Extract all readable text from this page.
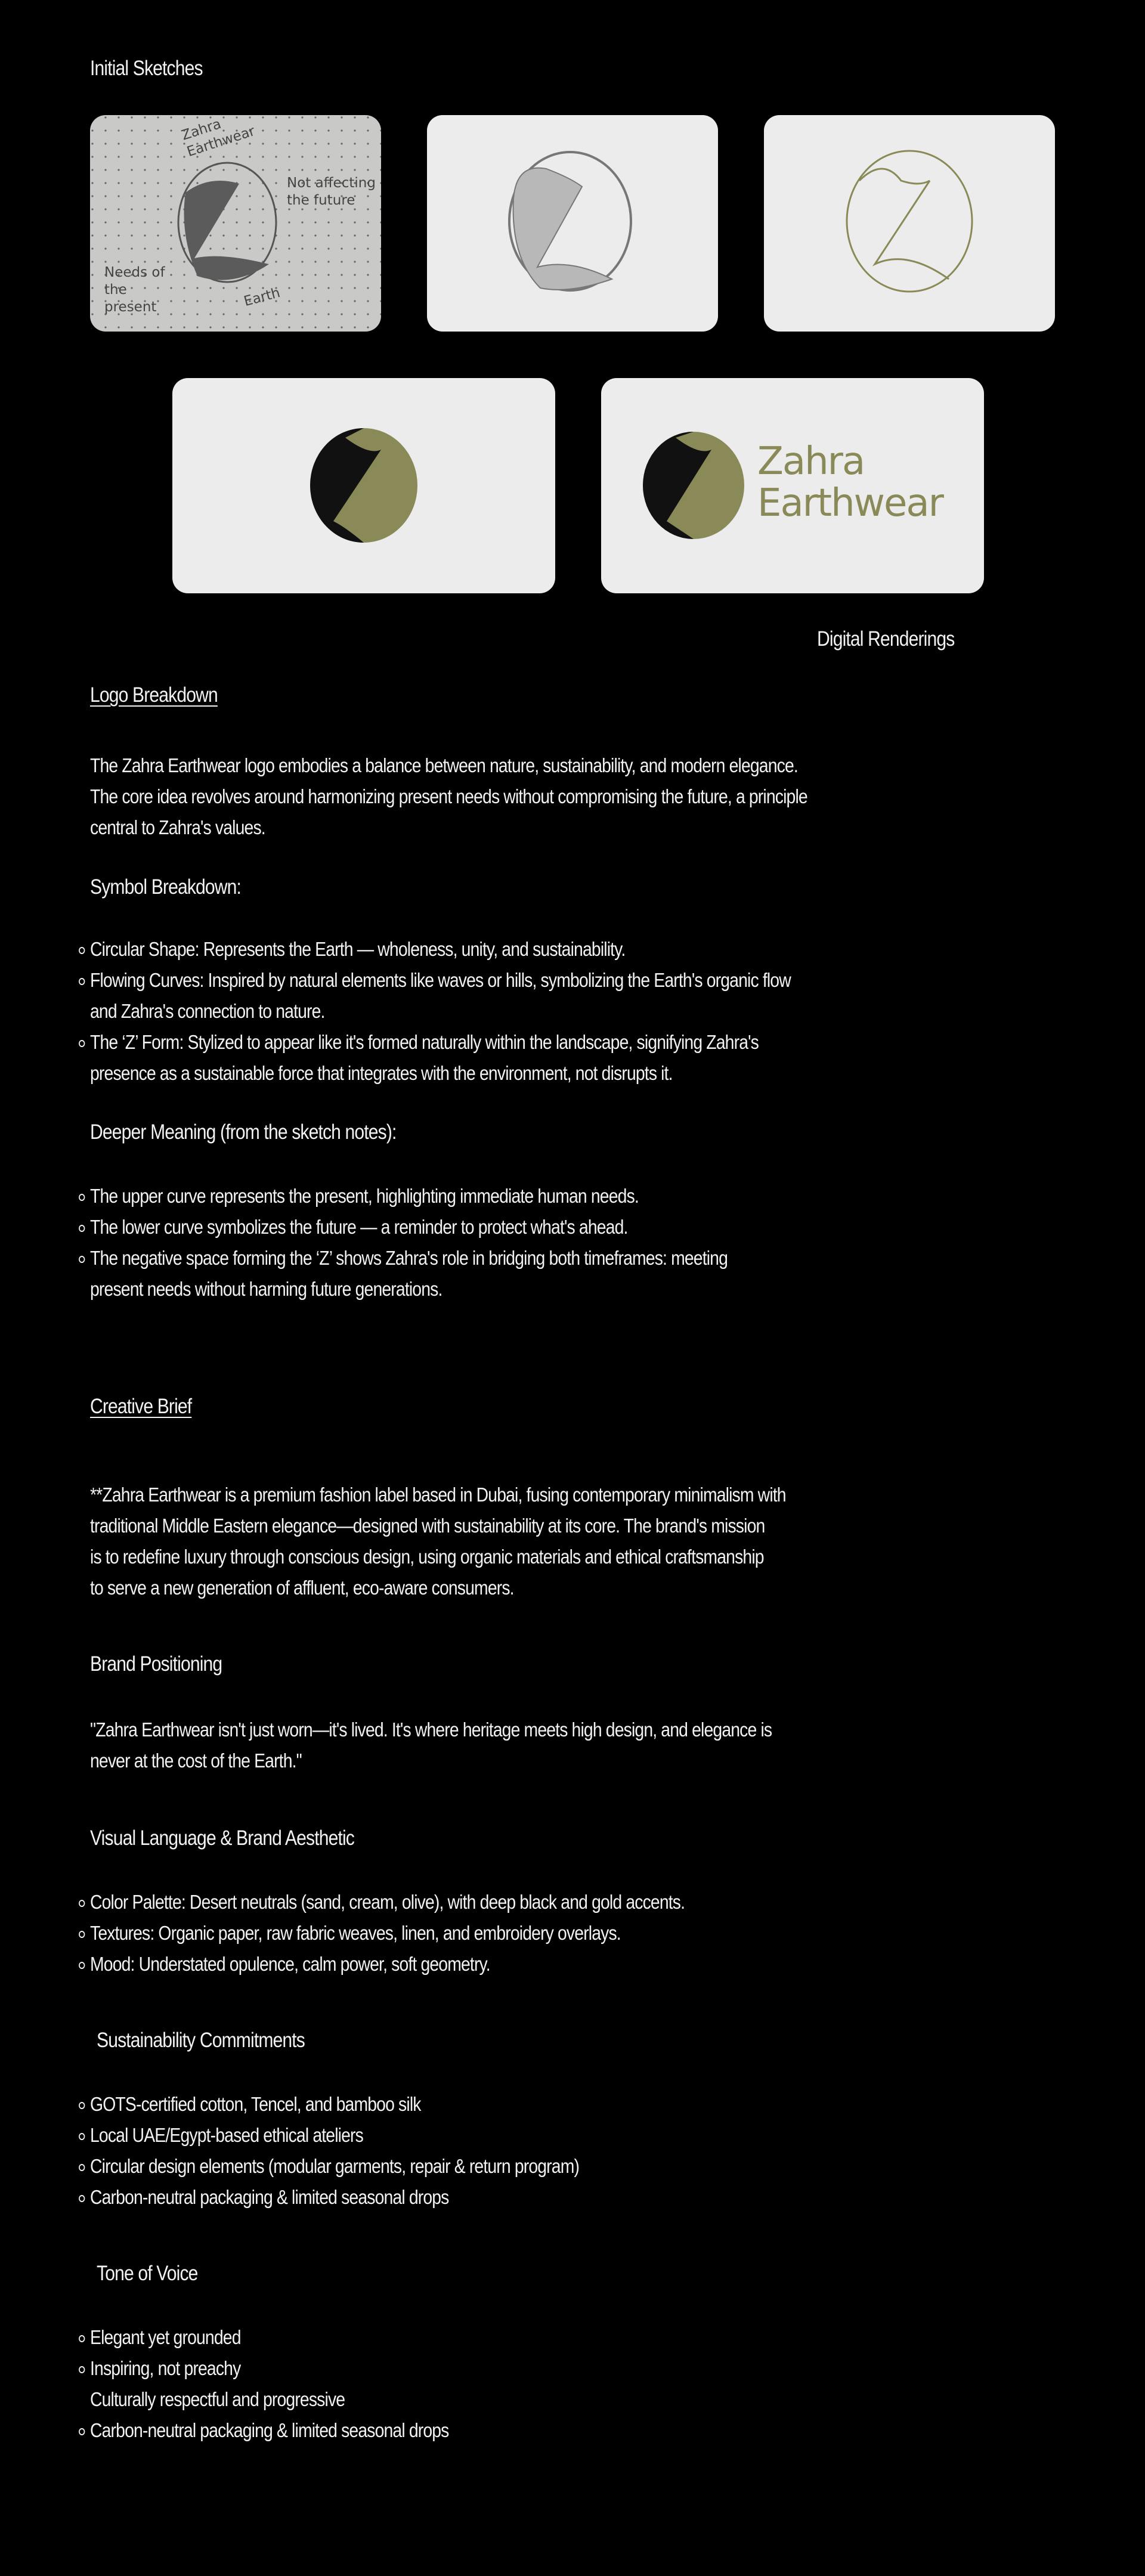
Initial Sketches
Zahra Earthwear
Not affecting the future
Needs of the present	Earth
Zahra
Earthwear
Digital Renderings
Logo Breakdown
The Zahra Earthwear logo embodies a balance between nature, sustainability, and modern elegance.
The core idea revolves around harmonizing present needs without compromising the future, a principle
central to Zahra's values.
Symbol Breakdown:
Circular Shape: Represents the Earth — wholeness, unity, and sustainability.
Flowing Curves: Inspired by natural elements like waves or hills, symbolizing the Earth's organic flow
and Zahra's connection to nature.
The ‘Z’ Form: Stylized to appear like it's formed naturally within the landscape, signifying Zahra's
presence as a sustainable force that integrates with the environment, not disrupts it.
Deeper Meaning (from the sketch notes):
The upper curve represents the present, highlighting immediate human needs.
The lower curve symbolizes the future — a reminder to protect what's ahead.
The negative space forming the ‘Z’ shows Zahra's role in bridging both timeframes: meeting
present needs without harming future generations.
Creative Brief
**Zahra Earthwear is a premium fashion label based in Dubai, fusing contemporary minimalism with
traditional Middle Eastern elegance—designed with sustainability at its core. The brand's mission
is to redefine luxury through conscious design, using organic materials and ethical craftsmanship
to serve a new generation of affluent, eco-aware consumers.
Brand Positioning
"Zahra Earthwear isn't just worn—it's lived. It's where heritage meets high design, and elegance is
never at the cost of the Earth."
Visual Language & Brand Aesthetic
Color Palette: Desert neutrals (sand, cream, olive), with deep black and gold accents.
Textures: Organic paper, raw fabric weaves, linen, and embroidery overlays.
Mood: Understated opulence, calm power, soft geometry.
Sustainability Commitments
GOTS-certified cotton, Tencel, and bamboo silk
Local UAE/Egypt-based ethical ateliers
Circular design elements (modular garments, repair & return program)
Carbon-neutral packaging & limited seasonal drops
Tone of Voice
Elegant yet grounded
Inspiring, not preachy
Culturally respectful and progressive
Carbon-neutral packaging & limited seasonal drops
